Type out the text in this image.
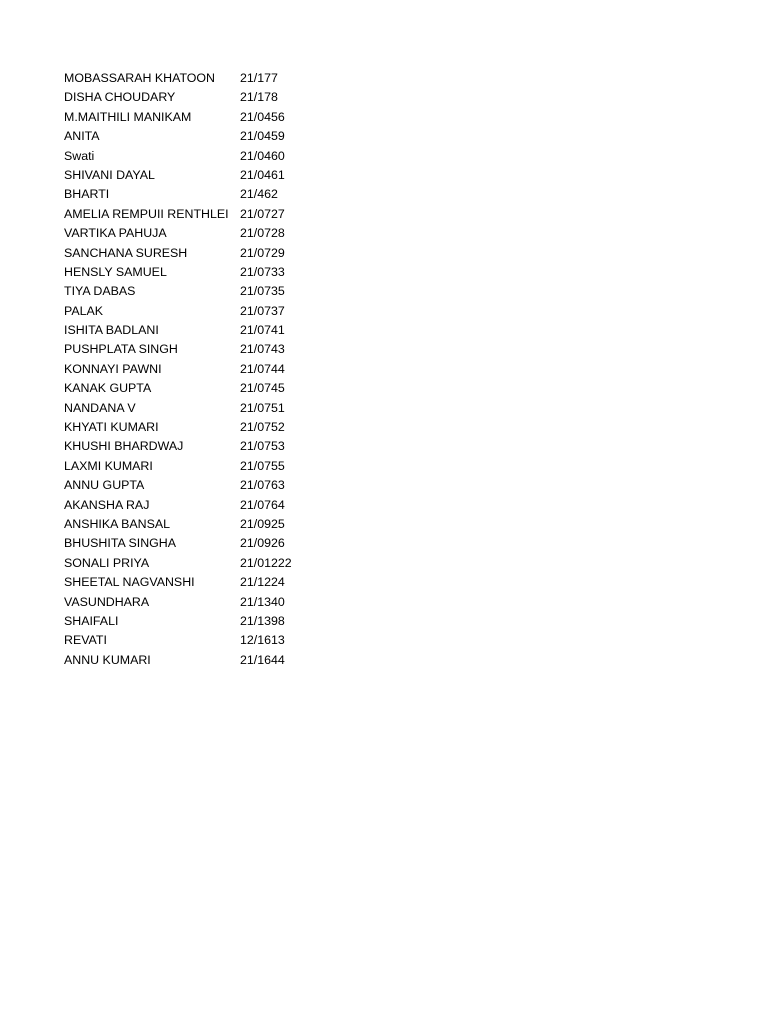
MOBASSARAH KHATOON	21/177
DISHA CHOUDARY	21/178
M.MAITHILI MANIKAM	21/0456
ANITA	21/0459
Swati	21/0460
SHIVANI DAYAL	21/0461
BHARTI	21/462
AMELIA REMPUII RENTHLEI 21/0727
VARTIKA PAHUJA	21/0728
SANCHANA SURESH	21/0729
HENSLY SAMUEL	21/0733
TIYA DABAS	21/0735
PALAK	21/0737
ISHITA BADLANI	21/0741
PUSHPLATA SINGH	21/0743
KONNAYI PAWNI	21/0744
KANAK GUPTA	21/0745
NANDANA V	21/0751
KHYATI KUMARI	21/0752
KHUSHI BHARDWAJ	21/0753
LAXMI KUMARI	21/0755
ANNU GUPTA	21/0763
AKANSHA RAJ	21/0764
ANSHIKA BANSAL	21/0925
BHUSHITA SINGHA	21/0926
SONALI PRIYA	21/01222
SHEETAL NAGVANSHI	21/1224
VASUNDHARA	21/1340
SHAIFALI	21/1398
REVATI	12/1613
ANNU KUMARI	21/1644
